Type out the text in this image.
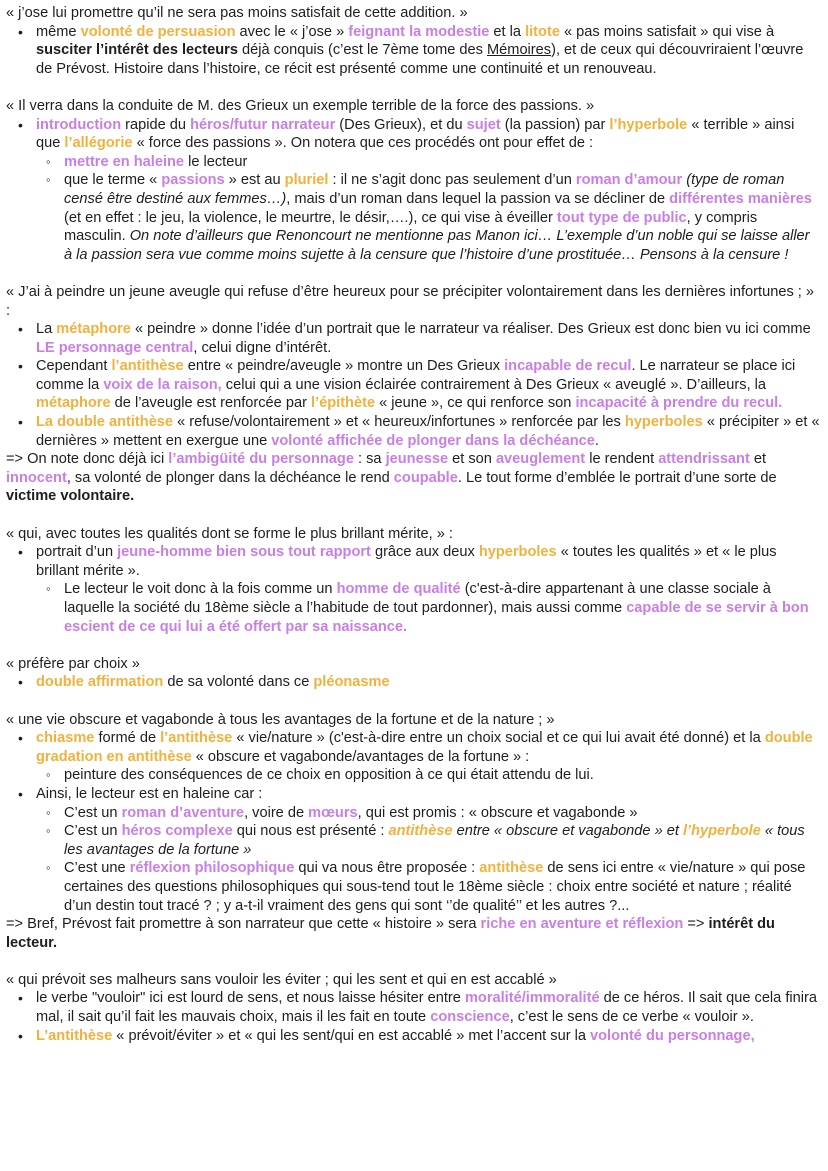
« j’ose lui promettre qu’il ne sera pas moins satisfait de cette addition. »

• même volonté de persuasion avec le « j’ose » feignant la modestie et la litote « pas moins satisfait » qui vise à susciter l’intérêt des lecteurs déjà conquis (c’est le 7ème tome des Mémoires), et de ceux qui découvriraient l’œuvre de Prévost. Histoire dans l’histoire, ce récit est présenté comme une continuité et un renouveau.

« Il verra dans la conduite de M. des Grieux un exemple terrible de la force des passions. »

• introduction rapide du héros/futur narrateur (Des Grieux), et du sujet (la passion) par l’hyperbole « terrible » ainsi que l’allégorie « force des passions ». On notera que ces procédés ont pour effet de :
◦ mettre en haleine le lecteur
◦ que le terme « passions » est au pluriel : il ne s’agit donc pas seulement d’un roman d’amour (type de roman censé être destiné aux femmes…), mais d’un roman dans lequel la passion va se décliner de différentes manières (et en effet : le jeu, la violence, le meurtre, le désir,….), ce qui vise à éveiller tout type de public, y compris masculin. On note d’ailleurs que Renoncourt ne mentionne pas Manon ici… L’exemple d’un noble qui se laisse aller à la passion sera vue comme moins sujette à la censure que l’histoire d’une prostituée… Pensons à la censure !

« J’ai à peindre un jeune aveugle qui refuse d’être heureux pour se précipiter volontairement dans les dernières infortunes ; » :

• La métaphore « peindre » donne l’idée d’un portrait que le narrateur va réaliser. Des Grieux est donc bien vu ici comme LE personnage central, celui digne d’intérêt.
• Cependant l’antithèse entre « peindre/aveugle » montre un Des Grieux incapable de recul. Le narrateur se place ici comme la voix de la raison, celui qui a une vision éclairée contrairement à Des Grieux « aveuglé ». D’ailleurs, la métaphore de l’aveugle est renforcée par l’épithète « jeune », ce qui renforce son incapacité à prendre du recul.
• La double antithèse « refuse/volontairement » et « heureux/infortunes » renforcée par les hyperboles « précipiter » et « dernières » mettent en exergue une volonté affichée de plonger dans la déchéance.

=> On note donc déjà ici l’ambigüité du personnage : sa jeunesse et son aveuglement le rendent attendrissant et innocent, sa volonté de plonger dans la déchéance le rend coupable. Le tout forme d’emblée le portrait d’une sorte de victime volontaire.

« qui, avec toutes les qualités dont se forme le plus brillant mérite, » :

• portrait d’un jeune-homme bien sous tout rapport grâce aux deux hyperboles « toutes les qualités » et « le plus brillant mérite ».
◦ Le lecteur le voit donc à la fois comme un homme de qualité (c'est-à-dire appartenant à une classe sociale à laquelle la société du 18ème siècle a l’habitude de tout pardonner), mais aussi comme capable de se servir à bon escient de ce qui lui a été offert par sa naissance.

« préfère par choix »

• double affirmation de sa volonté dans ce pléonasme

« une vie obscure et vagabonde à tous les avantages de la fortune et de la nature ; »

• chiasme formé de l’antithèse « vie/nature » (c'est-à-dire entre un choix social et ce qui lui avait été donné) et la double gradation en antithèse « obscure et vagabonde/avantages de la fortune » :
◦ peinture des conséquences de ce choix en opposition à ce qui était attendu de lui.
• Ainsi, le lecteur est en haleine car :
◦ C’est un roman d’aventure, voire de mœurs, qui est promis : « obscure et vagabonde »
◦ C’est un héros complexe qui nous est présenté : antithèse entre « obscure et vagabonde » et l’hyperbole « tous les avantages de la fortune »
◦ C’est une réflexion philosophique qui va nous être proposée : antithèse de sens ici entre « vie/nature » qui pose certaines des questions philosophiques qui sous-tend tout le 18ème siècle : choix entre société et nature ; réalité d’un destin tout tracé ? ; y a-t-il vraiment des gens qui sont ‘’de qualité’’ et les autres ?...

=> Bref, Prévost fait promettre à son narrateur que cette « histoire » sera riche en aventure et réflexion => intérêt du lecteur.

« qui prévoit ses malheurs sans vouloir les éviter ; qui les sent et qui en est accablé »

• le verbe "vouloir" ici est lourd de sens, et nous laisse hésiter entre moralité/immoralité de ce héros. Il sait que cela finira mal, il sait qu’il fait les mauvais choix, mais il les fait en toute conscience, c’est le sens de ce verbe « vouloir ».
• L’antithèse « prévoit/éviter » et « qui les sent/qui en est accablé » met l’accent sur la volonté du personnage,
